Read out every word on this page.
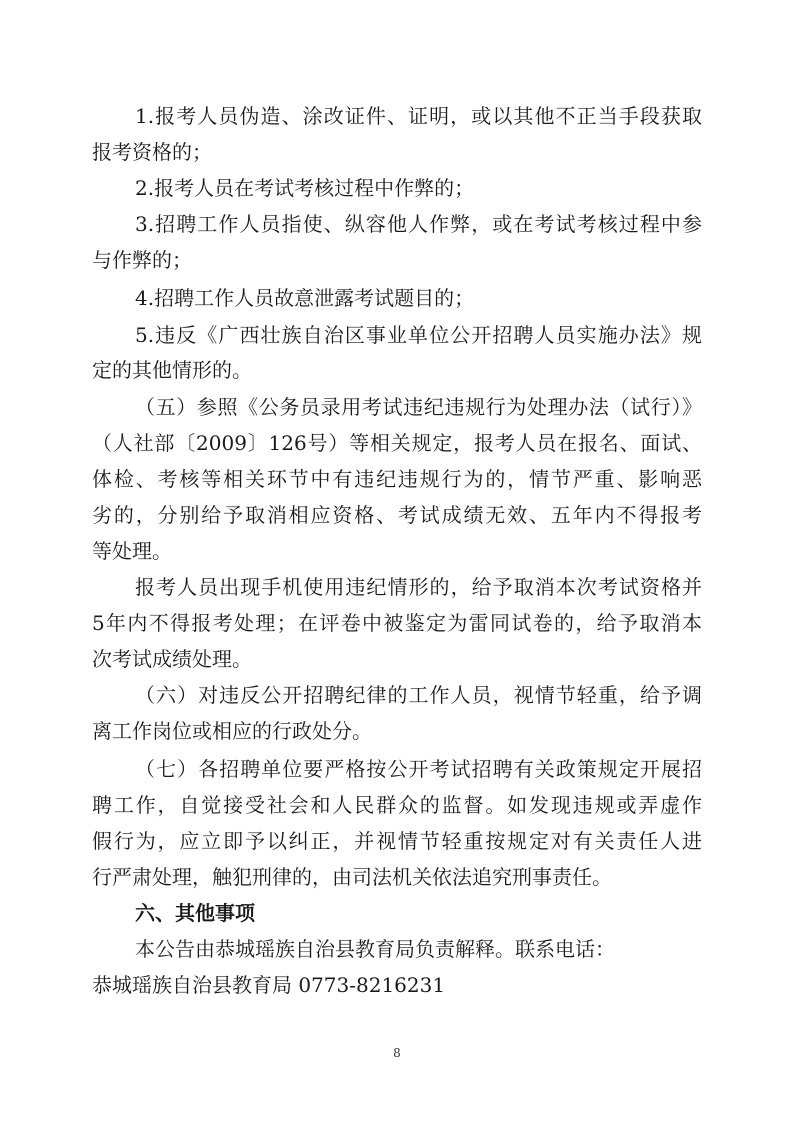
1.报考人员伪造、涂改证件、证明，或以其他不正当手段获取
报考资格的；
2.报考人员在考试考核过程中作弊的；
3.招聘工作人员指使、纵容他人作弊，或在考试考核过程中参
与作弊的；
4.招聘工作人员故意泄露考试题目的；
5.违反《广西壮族自治区事业单位公开招聘人员实施办法》规
定的其他情形的。
（五）参照《公务员录用考试违纪违规行为处理办法（试行）》
（人社部〔2009〕126号）等相关规定，报考人员在报名、面试、
体检、考核等相关环节中有违纪违规行为的，情节严重、影响恶
劣的，分别给予取消相应资格、考试成绩无效、五年内不得报考
等处理。
报考人员出现手机使用违纪情形的，给予取消本次考试资格并
5年内不得报考处理；在评卷中被鉴定为雷同试卷的，给予取消本
次考试成绩处理。
（六）对违反公开招聘纪律的工作人员，视情节轻重，给予调
离工作岗位或相应的行政处分。
（七）各招聘单位要严格按公开考试招聘有关政策规定开展招
聘工作，自觉接受社会和人民群众的监督。如发现违规或弄虚作
假行为，应立即予以纠正，并视情节轻重按规定对有关责任人进
行严肃处理，触犯刑律的，由司法机关依法追究刑事责任。
六、其他事项
本公告由恭城瑶族自治县教育局负责解释。联系电话：
恭城瑶族自治县教育局 0773-8216231
8
